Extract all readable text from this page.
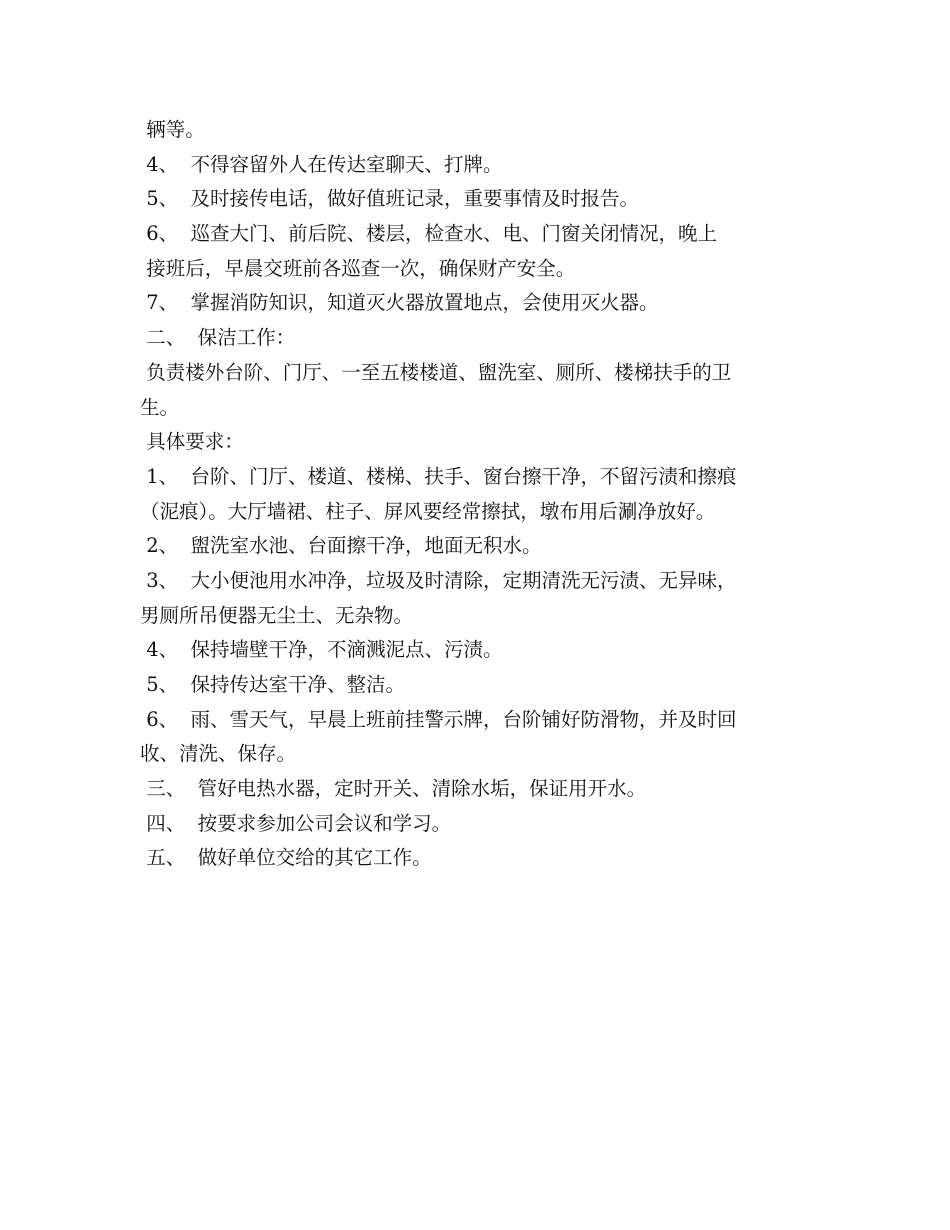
辆等。
4、  不得容留外人在传达室聊天、打牌。
5、  及时接传电话，做好值班记录，重要事情及时报告。
6、  巡查大门、前后院、楼层，检查水、电、门窗关闭情况，晚上
接班后，早晨交班前各巡查一次，确保财产安全。
7、  掌握消防知识，知道灭火器放置地点，会使用灭火器。
二、  保洁工作：
负责楼外台阶、门厅、一至五楼楼道、盥洗室、厕所、楼梯扶手的卫
生。
具体要求：
1、  台阶、门厅、楼道、楼梯、扶手、窗台擦干净，不留污渍和擦痕
（泥痕）。大厅墙裙、柱子、屏风要经常擦拭，墩布用后涮净放好。
2、  盥洗室水池、台面擦干净，地面无积水。
3、  大小便池用水冲净，垃圾及时清除，定期清洗无污渍、无异味，
男厕所吊便器无尘土、无杂物。
4、  保持墙壁干净，不滴溅泥点、污渍。
5、  保持传达室干净、整洁。
6、  雨、雪天气，早晨上班前挂警示牌，台阶铺好防滑物，并及时回
收、清洗、保存。
三、  管好电热水器，定时开关、清除水垢，保证用开水。
四、  按要求参加公司会议和学习。
五、  做好单位交给的其它工作。
